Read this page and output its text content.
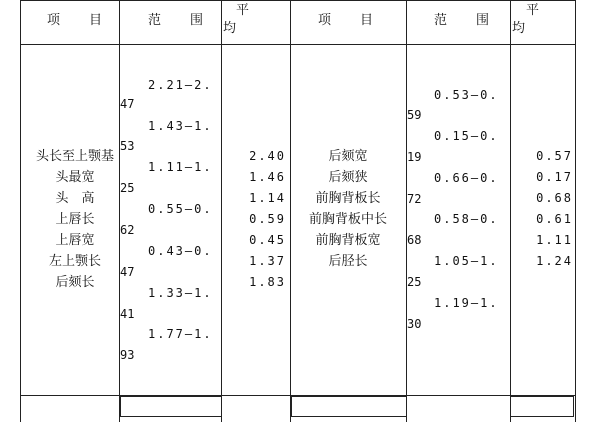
项　目	范　围
平
均
项　目	范　围
平
均
头长至上颚基
头最宽
头　高
上唇长
上唇宽
左上颚长
后颏长
2.21—2.
47
1.43—1.
53
1.11—1.
25
0.55—0.
62
0.43—0.
47
1.33—1.
41
1.77—1.
93
2.40
1.46
1.14
0.59
0.45
1.37
1.83
后颏宽
后颏狭
前胸背板长
前胸背板中长
前胸背板宽
后胫长
0.53—0.
59
0.15—0.
19
0.66—0.
72
0.58—0.
68
1.05—1.
25
1.19—1.
30
0.57
0.17
0.68
0.61
1.11
1.24
